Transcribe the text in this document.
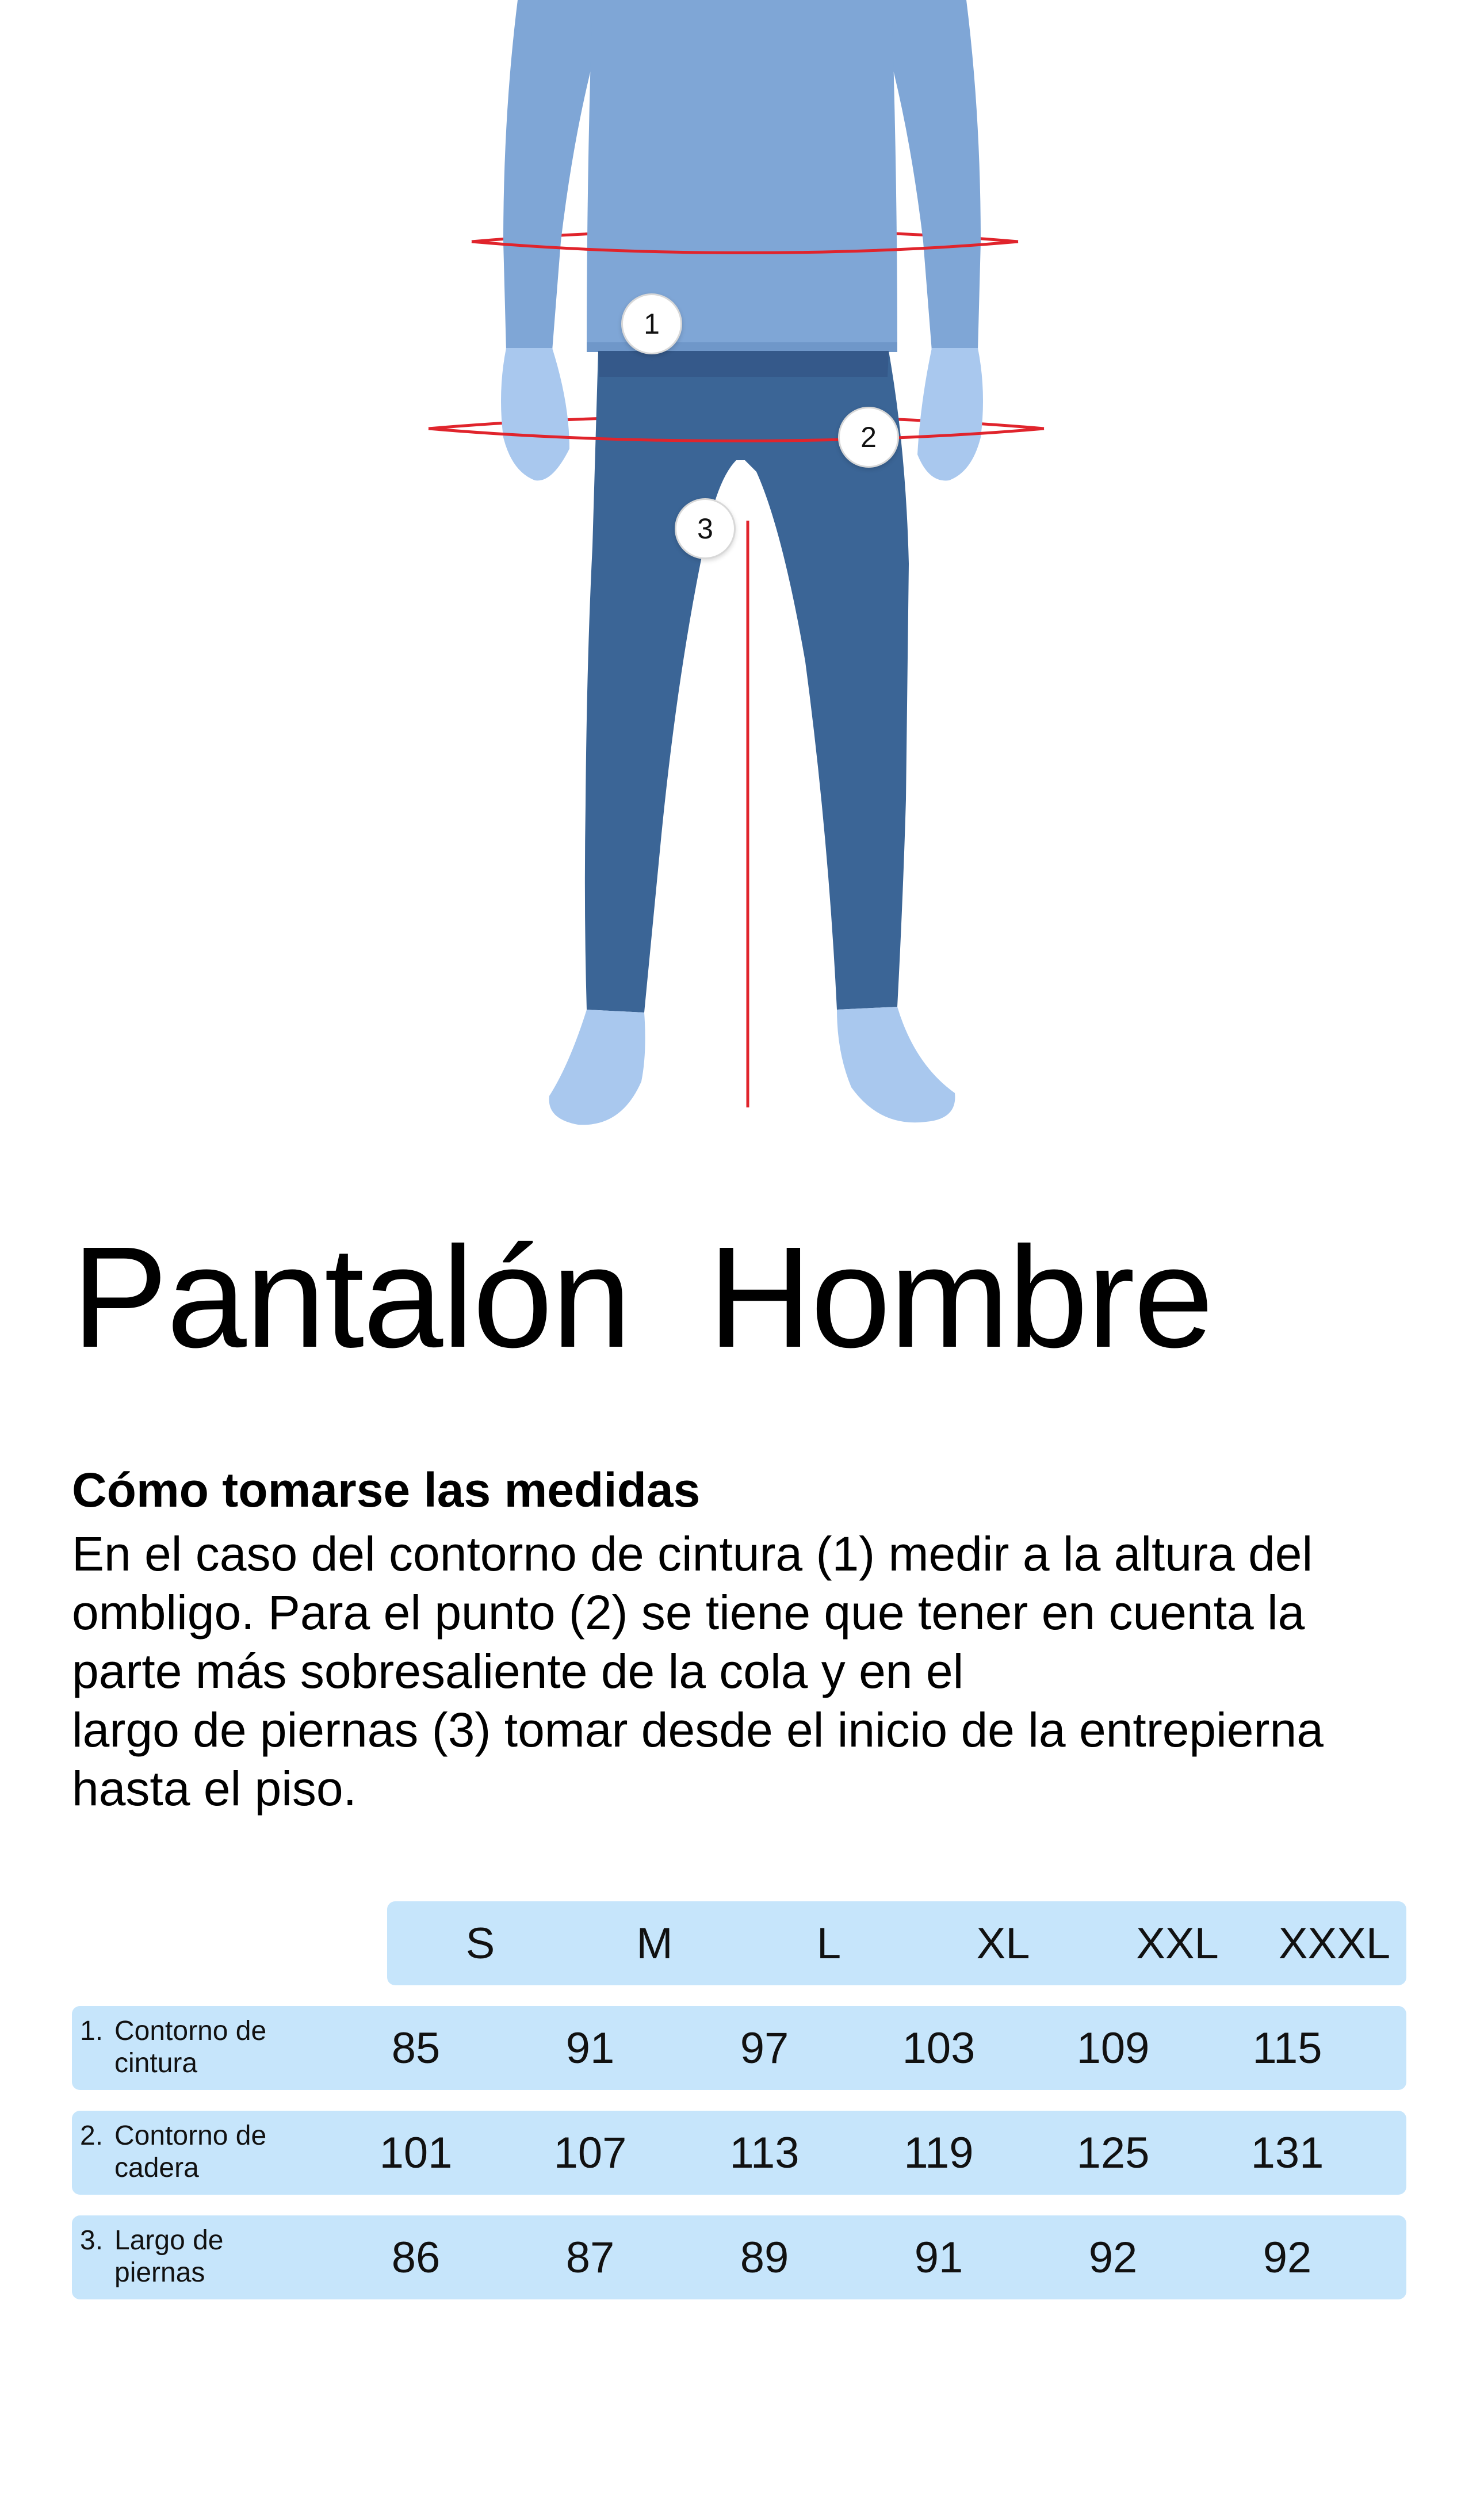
1
2
3
Pantalón  Hombre
Cómo tomarse las medidas

En el caso del contorno de cintura (1) medir a la altura del
ombligo. Para el punto (2) se tiene que tener en cuenta la
parte más sobresaliente de la cola y en el
largo de piernas (3) tomar desde el inicio de la entrepierna
hasta el piso.

S	M	L	XL	XXL	XXXL
1. Contorno de
cintura	85	91	97	103	109	115
2. Contorno de
cadera	101	107	113	119	125	131
3. Largo de
piernas	86	87	89	91	92	92
